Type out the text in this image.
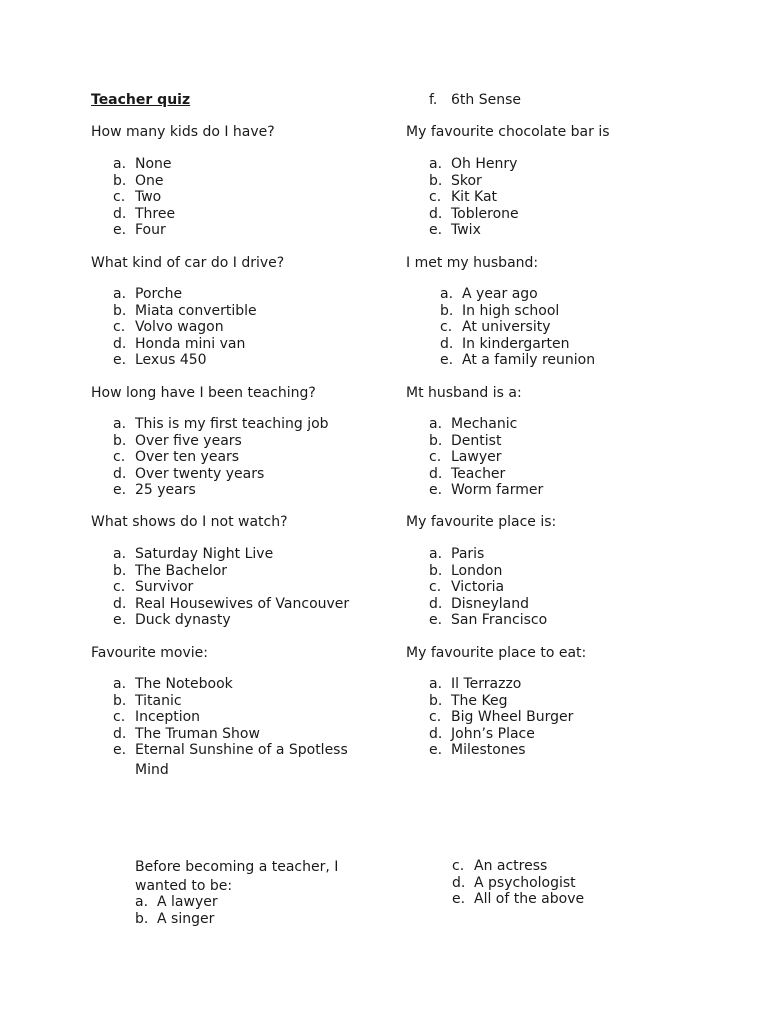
Teacher quiz
How many kids do I have?
a. None
b. One
c. Two
d. Three
e. Four
What kind of car do I drive?
a. Porche
b. Miata convertible
c. Volvo wagon
d. Honda mini van
e. Lexus 450
How long have I been teaching?
a. This is my first teaching job
b. Over five years
c. Over ten years
d. Over twenty years
e. 25 years
What shows do I not watch?
a. Saturday Night Live
b. The Bachelor
c. Survivor
d. Real Housewives of Vancouver
e. Duck dynasty
Favourite movie:
a. The Notebook
b. Titanic
c. Inception
d. The Truman Show
e. Eternal Sunshine of a Spotless
Mind
f. 6th Sense
My favourite chocolate bar is
a. Oh Henry
b. Skor
c. Kit Kat
d. Toblerone
e. Twix
I met my husband:
a. A year ago
b. In high school
c. At university
d. In kindergarten
e. At a family reunion
Mt husband is a:
a. Mechanic
b. Dentist
c. Lawyer
d. Teacher
e. Worm farmer
My favourite place is:
a. Paris
b. London
c. Victoria
d. Disneyland
e. San Francisco
My favourite place to eat:
a. Il Terrazzo
b. The Keg
c. Big Wheel Burger
d. John’s Place
e. Milestones
Before becoming a teacher, I
wanted to be:
a. A lawyer
b. A singer
c. An actress
d. A psychologist
e. All of the above
